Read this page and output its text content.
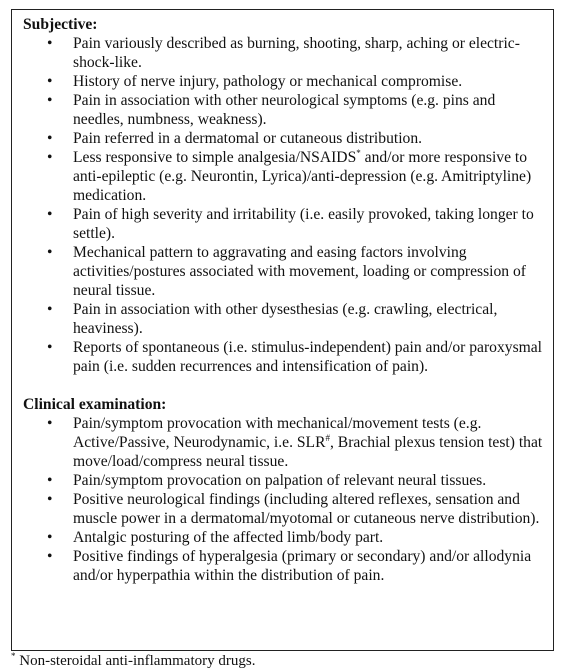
Subjective:

• Pain variously described as burning, shooting, sharp, aching or electric-shock-like.
• History of nerve injury, pathology or mechanical compromise.
• Pain in association with other neurological symptoms (e.g. pins and needles, numbness, weakness).
• Pain referred in a dermatomal or cutaneous distribution.
• Less responsive to simple analgesia/NSAIDS* and/or more responsive to anti-epileptic (e.g. Neurontin, Lyrica)/anti-depression (e.g. Amitriptyline) medication.
• Pain of high severity and irritability (i.e. easily provoked, taking longer to settle).
• Mechanical pattern to aggravating and easing factors involving activities/postures associated with movement, loading or compression of neural tissue.
• Pain in association with other dysesthesias (e.g. crawling, electrical, heaviness).
• Reports of spontaneous (i.e. stimulus-independent) pain and/or paroxysmal pain (i.e. sudden recurrences and intensification of pain).

Clinical examination:

• Pain/symptom provocation with mechanical/movement tests (e.g. Active/Passive, Neurodynamic, i.e. SLR#, Brachial plexus tension test) that move/load/compress neural tissue.
• Pain/symptom provocation on palpation of relevant neural tissues.
• Positive neurological findings (including altered reflexes, sensation and muscle power in a dermatomal/myotomal or cutaneous nerve distribution).
• Antalgic posturing of the affected limb/body part.
• Positive findings of hyperalgesia (primary or secondary) and/or allodynia and/or hyperpathia within the distribution of pain.
* Non-steroidal anti-inflammatory drugs.
